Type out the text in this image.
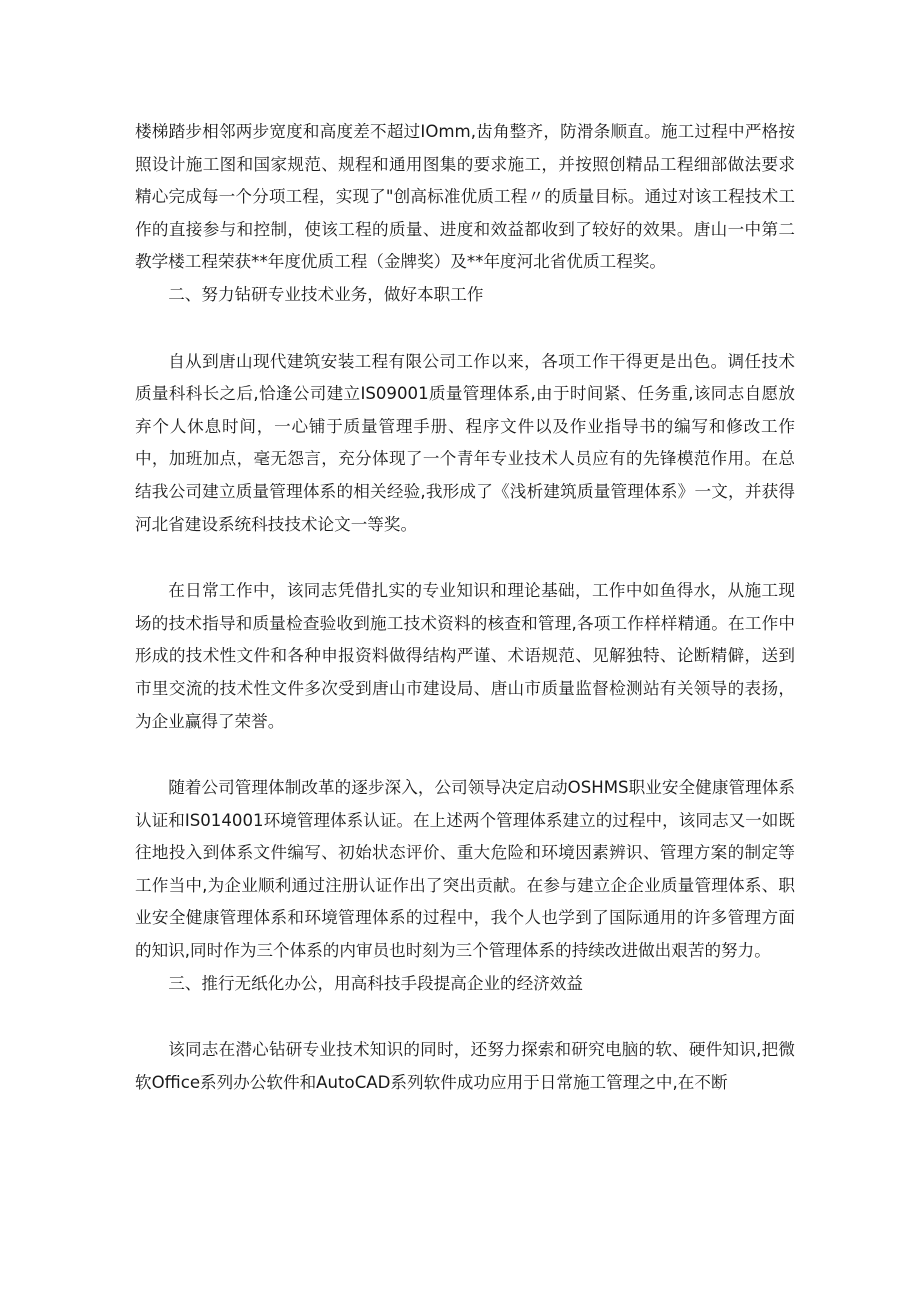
楼梯踏步相邻两步宽度和高度差不超过IOmm,齿角整齐，防滑条顺直。施工过程中严格按照设计施工图和国家规范、规程和通用图集的要求施工，并按照创精品工程细部做法要求精心完成每一个分项工程，实现了"创高标准优质工程〃的质量目标。通过对该工程技术工作的直接参与和控制，使该工程的质量、进度和效益都收到了较好的效果。唐山一中第二教学楼工程荣获**年度优质工程（金牌奖）及**年度河北省优质工程奖。

二、努力钻研专业技术业务，做好本职工作

自从到唐山现代建筑安装工程有限公司工作以来，各项工作干得更是出色。调任技术质量科科长之后,恰逢公司建立IS09001质量管理体系,由于时间紧、任务重,该同志自愿放弃个人休息时间，一心铺于质量管理手册、程序文件以及作业指导书的编写和修改工作中，加班加点，毫无怨言，充分体现了一个青年专业技术人员应有的先锋模范作用。在总结我公司建立质量管理体系的相关经验,我形成了《浅析建筑质量管理体系》一文，并获得河北省建设系统科技技术论文一等奖。

在日常工作中，该同志凭借扎实的专业知识和理论基础，工作中如鱼得水，从施工现场的技术指导和质量检查验收到施工技术资料的核查和管理,各项工作样样精通。在工作中形成的技术性文件和各种申报资料做得结构严谨、术语规范、见解独特、论断精僻，送到市里交流的技术性文件多次受到唐山市建设局、唐山市质量监督检测站有关领导的表扬，为企业赢得了荣誉。

随着公司管理体制改革的逐步深入，公司领导决定启动OSHMS职业安全健康管理体系认证和IS014001环境管理体系认证。在上述两个管理体系建立的过程中，该同志又一如既往地投入到体系文件编写、初始状态评价、重大危险和环境因素辨识、管理方案的制定等工作当中,为企业顺利通过注册认证作出了突出贡献。在参与建立企企业质量管理体系、职业安全健康管理体系和环境管理体系的过程中，我个人也学到了国际通用的许多管理方面的知识,同时作为三个体系的内审员也时刻为三个管理体系的持续改进做出艰苦的努力。

三、推行无纸化办公，用高科技手段提高企业的经济效益

该同志在潜心钻研专业技术知识的同时，还努力探索和研究电脑的软、硬件知识,把微软Office系列办公软件和AutoCAD系列软件成功应用于日常施工管理之中,在不断
